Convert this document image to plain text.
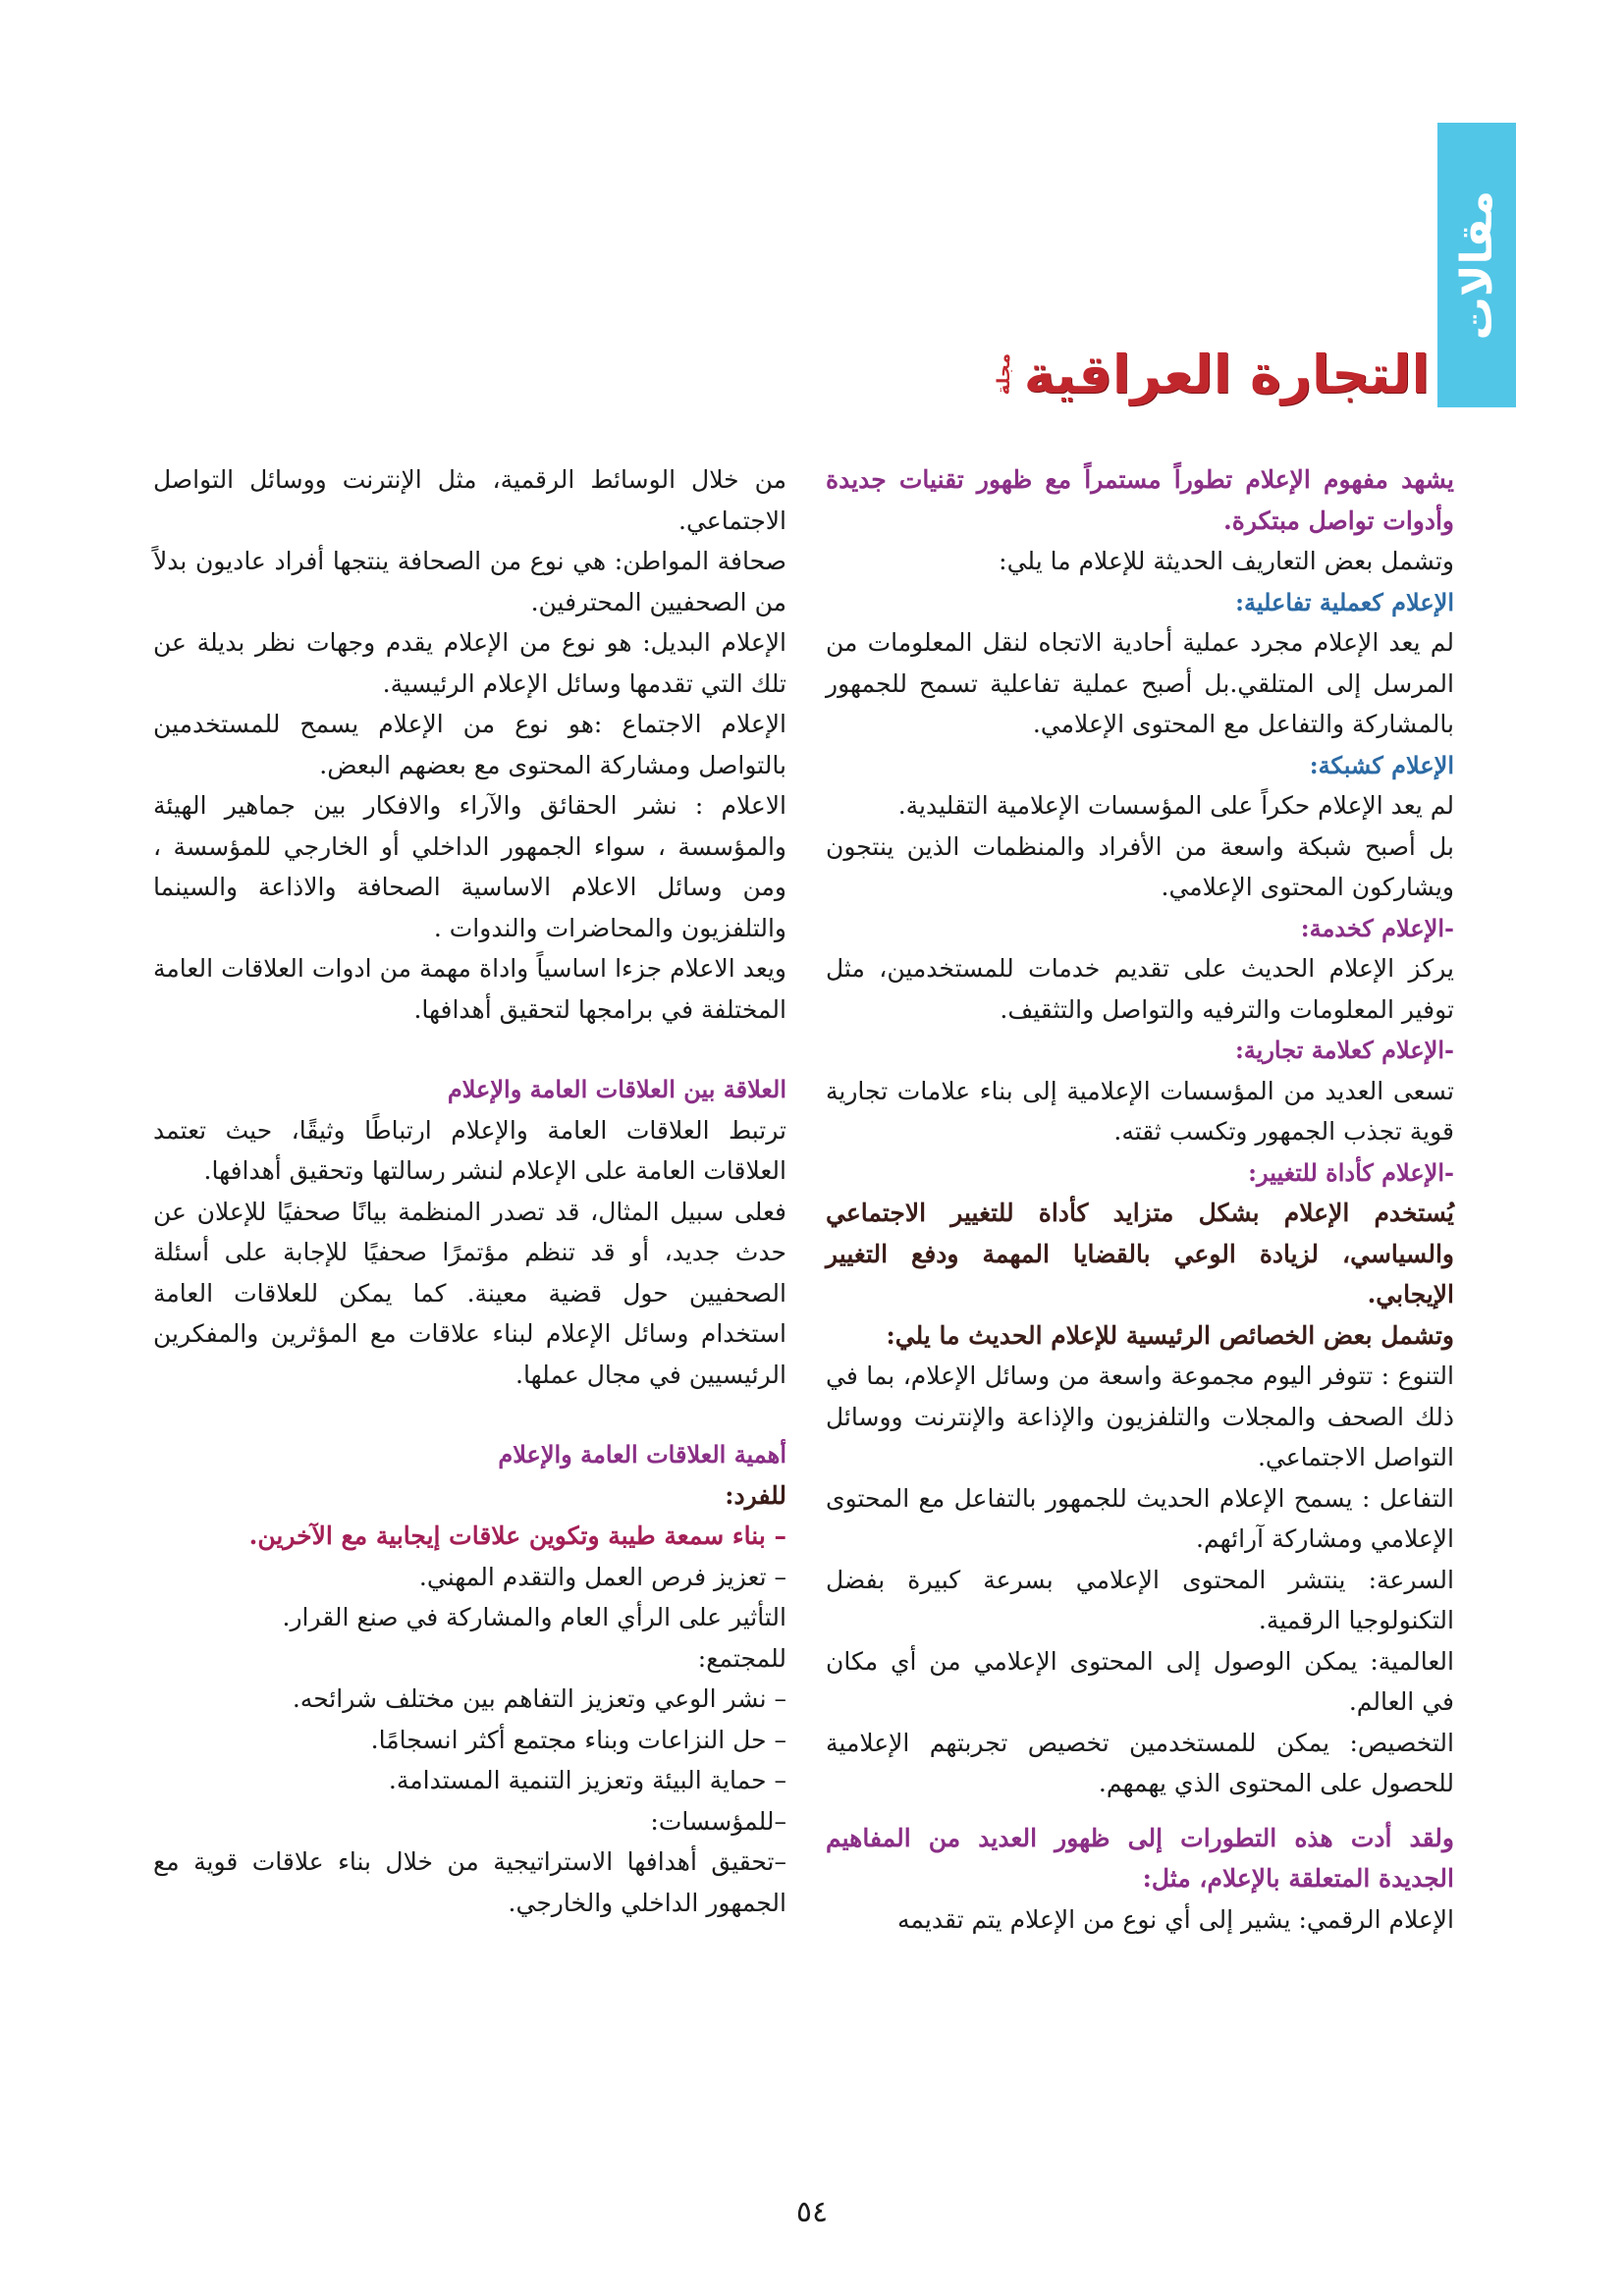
مقالات
التجارة العراقية
مجلة

يشهد مفهوم الإعلام تطوراً مستمراً مع ظهور تقنيات جديدة وأدوات تواصل مبتكرة.

وتشمل بعض التعاريف الحديثة للإعلام ما يلي:

الإعلام كعملية تفاعلية:

لم يعد الإعلام مجرد عملية أحادية الاتجاه لنقل المعلومات من المرسل إلى المتلقي.بل أصبح عملية تفاعلية تسمح للجمهور بالمشاركة والتفاعل مع المحتوى الإعلامي.

الإعلام كشبكة:

لم يعد الإعلام حكراً على المؤسسات الإعلامية التقليدية.

بل أصبح شبكة واسعة من الأفراد والمنظمات الذين ينتجون ويشاركون المحتوى الإعلامي.

-الإعلام كخدمة:

يركز الإعلام الحديث على تقديم خدمات للمستخدمين، مثل توفير المعلومات والترفيه والتواصل والتثقيف.

-الإعلام كعلامة تجارية:

تسعى العديد من المؤسسات الإعلامية إلى بناء علامات تجارية قوية تجذب الجمهور وتكسب ثقته.

-الإعلام كأداة للتغيير:

يُستخدم الإعلام بشكل متزايد كأداة للتغيير الاجتماعي والسياسي، لزيادة الوعي بالقضايا المهمة ودفع التغيير الإيجابي.

وتشمل بعض الخصائص الرئيسية للإعلام الحديث ما يلي:

التنوع : تتوفر اليوم مجموعة واسعة من وسائل الإعلام، بما في ذلك الصحف والمجلات والتلفزيون والإذاعة والإنترنت ووسائل التواصل الاجتماعي.

التفاعل : يسمح الإعلام الحديث للجمهور بالتفاعل مع المحتوى الإعلامي ومشاركة آرائهم.

السرعة: ينتشر المحتوى الإعلامي بسرعة كبيرة بفضل التكنولوجيا الرقمية.

العالمية: يمكن الوصول إلى المحتوى الإعلامي من أي مكان في العالم.

التخصيص: يمكن للمستخدمين تخصيص تجربتهم الإعلامية للحصول على المحتوى الذي يهمهم.

ولقد أدت هذه التطورات إلى ظهور العديد من المفاهيم الجديدة المتعلقة بالإعلام، مثل:

الإعلام الرقمي: يشير إلى أي نوع من الإعلام يتم تقديمه

من خلال الوسائط الرقمية، مثل الإنترنت ووسائل التواصل الاجتماعي.

صحافة المواطن: هي نوع من الصحافة ينتجها أفراد عاديون بدلاً من الصحفيين المحترفين.

الإعلام البديل: هو نوع من الإعلام يقدم وجهات نظر بديلة عن تلك التي تقدمها وسائل الإعلام الرئيسية.

الإعلام الاجتماع :هو نوع من الإعلام يسمح للمستخدمين بالتواصل ومشاركة المحتوى مع بعضهم البعض.

الاعلام : نشر الحقائق والآراء والافكار بين جماهير الهيئة والمؤسسة ، سواء الجمهور الداخلي أو الخارجي للمؤسسة ، ومن وسائل الاعلام الاساسية الصحافة والاذاعة والسينما والتلفزيون والمحاضرات والندوات .

ويعد الاعلام جزءا اساسياً واداة مهمة من ادوات العلاقات العامة المختلفة في برامجها لتحقيق أهدافها.

العلاقة بين العلاقات العامة والإعلام

ترتبط العلاقات العامة والإعلام ارتباطًا وثيقًا، حيث تعتمد العلاقات العامة على الإعلام لنشر رسالتها وتحقيق أهدافها.

فعلى سبيل المثال، قد تصدر المنظمة بيانًا صحفيًا للإعلان عن حدث جديد، أو قد تنظم مؤتمرًا صحفيًا للإجابة على أسئلة الصحفيين حول قضية معينة. كما يمكن للعلاقات العامة استخدام وسائل الإعلام لبناء علاقات مع المؤثرين والمفكرين الرئيسيين في مجال عملها.

أهمية العلاقات العامة والإعلام

للفرد:

– بناء سمعة طيبة وتكوين علاقات إيجابية مع الآخرين.

– تعزيز فرص العمل والتقدم المهني.

التأثير على الرأي العام والمشاركة في صنع القرار.

للمجتمع:

– نشر الوعي وتعزيز التفاهم بين مختلف شرائحه.

– حل النزاعات وبناء مجتمع أكثر انسجامًا.

– حماية البيئة وتعزيز التنمية المستدامة.

–للمؤسسات:

–تحقيق أهدافها الاستراتيجية من خلال بناء علاقات قوية مع الجمهور الداخلي والخارجي.

٥٤
